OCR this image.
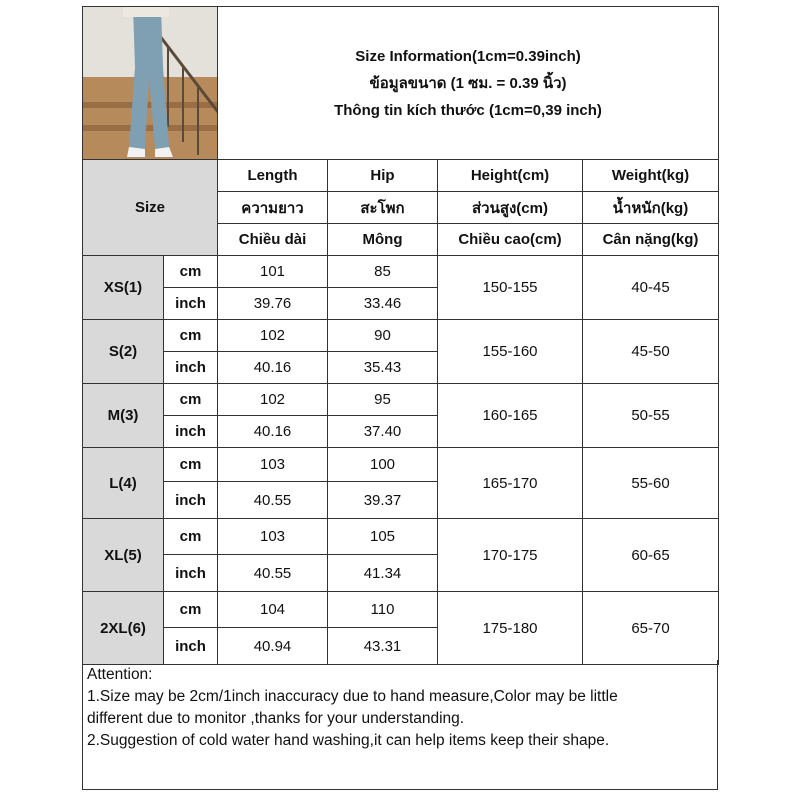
Size Information(1cm=0.39inch)
ข้อมูลขนาด (1 ซม. = 0.39 นิ้ว)
Thông tin kích thước (1cm=0,39 inch)			

Size		Length	Hip	Height(cm)	Weight(kg)
		ความยาว	สะโพก	ส่วนสูง(cm)	น้ำหนัก(kg)
		Chiều dài	Mông	Chiều cao(cm)	Cân nặng(kg)
XS(1)	cm	101	85	150-155	40-45
	inch	39.76	33.46		
S(2)	cm	102	90	155-160	45-50
	inch	40.16	35.43		
M(3)	cm	102	95	160-165	50-55
	inch	40.16	37.40		
L(4)	cm	103	100	165-170	55-60
	inch	40.55	39.37		
XL(5)	cm	103	105	170-175	60-65
	inch	40.55	41.34		
2XL(6)	cm	104	110	175-180	65-70
	inch	40.94	43.31		
Attention:
1.Size may be 2cm/1inch inaccuracy due to hand measure,Color may be little
different due to monitor ,thanks for your understanding.
2.Suggestion of cold water hand washing,it can help items keep their shape.
